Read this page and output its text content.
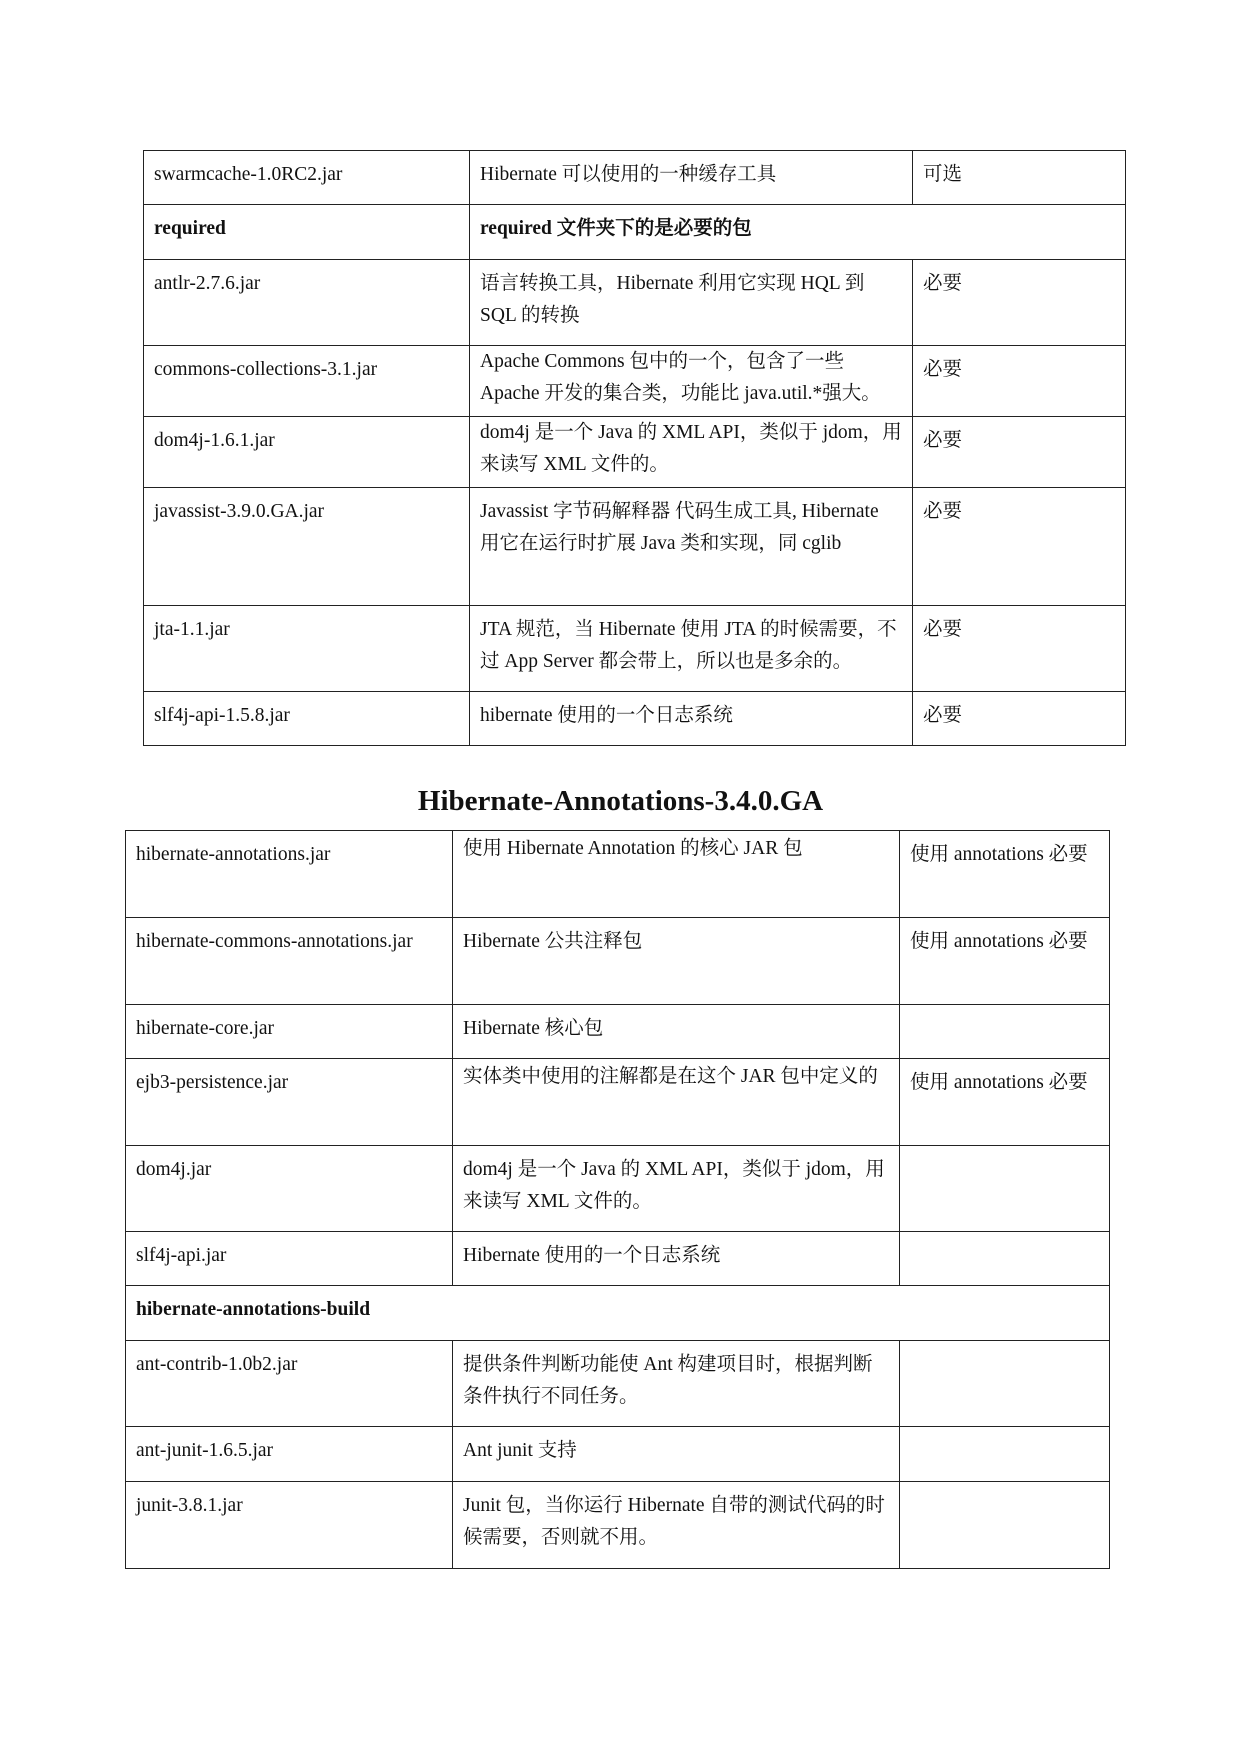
swarmcache-1.0RC2.jar	Hibernate 可以使用的一种缓存工具	可选
required	required 文件夹下的是必要的包	
antlr-2.7.6.jar	语言转换工具，Hibernate 利用它实现 HQL 到 SQL 的转换	必要
commons-collections-3.1.jar	Apache Commons 包中的一个，包含了一些 Apache 开发的集合类，功能比 java.util.*强大。	必要
dom4j-1.6.1.jar	dom4j 是一个 Java 的 XML API，类似于 jdom，用来读写 XML 文件的。	必要
javassist-3.9.0.GA.jar	Javassist 字节码解释器 代码生成工具, Hibernate 用它在运行时扩展 Java 类和实现，同 cglib	必要
jta-1.1.jar	JTA 规范，当 Hibernate 使用 JTA 的时候需要，不过 App Server 都会带上，所以也是多余的。	必要
slf4j-api-1.5.8.jar	hibernate 使用的一个日志系统	必要
Hibernate-Annotations-3.4.0.GA
hibernate-annotations.jar	使用 Hibernate Annotation 的核心 JAR 包	使用 annotations 必要
hibernate-commons-annotations.jar	Hibernate 公共注释包	使用 annotations 必要
hibernate-core.jar	Hibernate 核心包	
ejb3-persistence.jar	实体类中使用的注解都是在这个 JAR 包中定义的	使用 annotations 必要
dom4j.jar	dom4j 是一个 Java 的 XML API，类似于 jdom，用来读写 XML 文件的。	
slf4j-api.jar	Hibernate 使用的一个日志系统	
hibernate-annotations-build		
ant-contrib-1.0b2.jar	提供条件判断功能使 Ant 构建项目时，根据判断条件执行不同任务。	
ant-junit-1.6.5.jar	Ant junit 支持	
junit-3.8.1.jar	Junit 包，当你运行 Hibernate 自带的测试代码的时候需要，否则就不用。	
